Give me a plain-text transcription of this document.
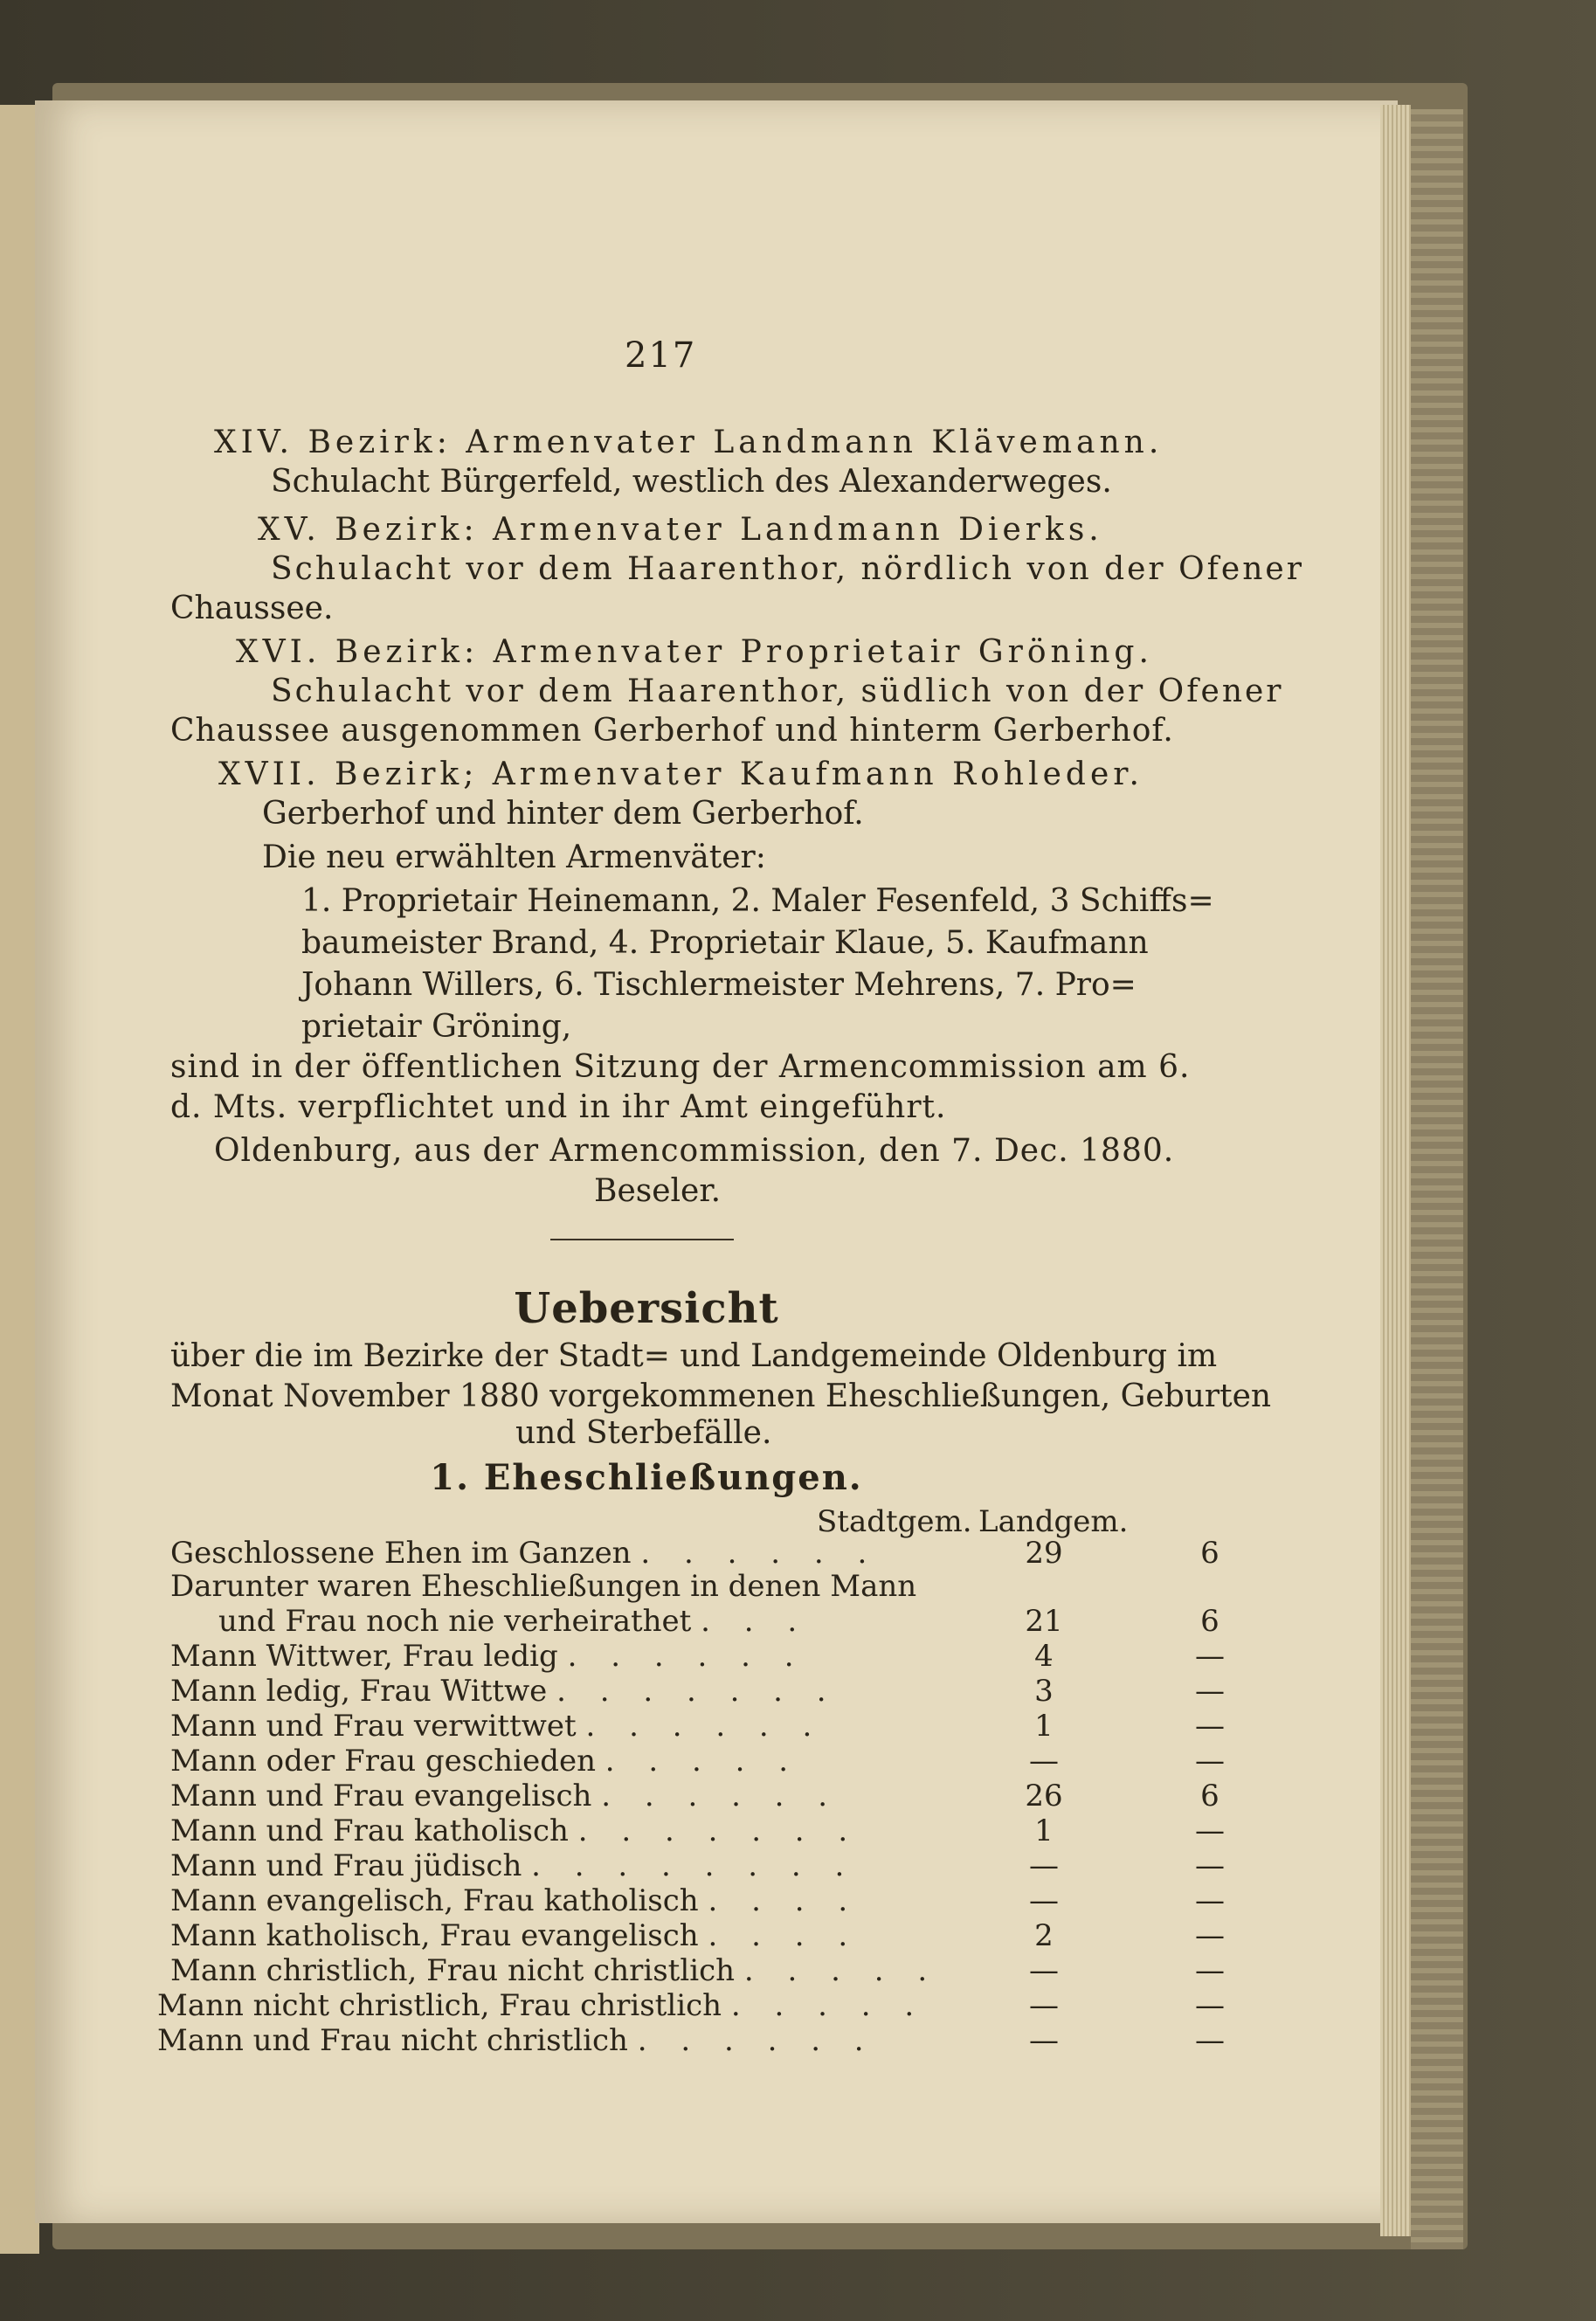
217
XIV. Bezirk: Armenvater Landmann Klävemann.
Schulacht Bürgerfeld, westlich des Alexanderweges.
XV. Bezirk: Armenvater Landmann Dierks.
Schulacht vor dem Haarenthor, nördlich von der Ofener
Chaussee.
XVI. Bezirk: Armenvater Proprietair Gröning.
Schulacht vor dem Haarenthor, südlich von der Ofener
Chaussee ausgenommen Gerberhof und hinterm Gerberhof.
XVII. Bezirk; Armenvater Kaufmann Rohleder.
Gerberhof und hinter dem Gerberhof.
Die neu erwählten Armenväter:
1. Proprietair Heinemann, 2. Maler Fesenfeld, 3 Schiffs=
baumeister Brand, 4. Proprietair Klaue, 5. Kaufmann
Johann Willers, 6. Tischlermeister Mehrens, 7. Pro=
prietair Gröning,
sind in der öffentlichen Sitzung der Armencommission am 6.
d. Mts. verpflichtet und in ihr Amt eingeführt.
Oldenburg, aus der Armencommission, den 7. Dec. 1880.
Beseler.
Uebersicht
über die im Bezirke der Stadt= und Landgemeinde Oldenburg im
Monat November 1880 vorgekommenen Eheschließungen, Geburten
und Sterbefälle.
1. Eheschließungen.
Stadtgem. Landgem.
Geschlossene Ehen im Ganzen . . . . . .	29	6
Darunter waren Eheschließungen in denen Mann
und Frau noch nie verheirathet . . .	21	6
Mann Wittwer, Frau ledig . . . . . .	4	—
Mann ledig, Frau Wittwe . . . . . . .	3	—
Mann und Frau verwittwet . . . . . .	1	—
Mann oder Frau geschieden . . . . .	—	—
Mann und Frau evangelisch . . . . . .	26	6
Mann und Frau katholisch . . . . . . .	1	—
Mann und Frau jüdisch . . . . . . . .	—	—
Mann evangelisch, Frau katholisch . . . .	—	—
Mann katholisch, Frau evangelisch . . . .	2	—
Mann christlich, Frau nicht christlich . . . . .	—	—
Mann nicht christlich, Frau christlich . . . . .	—	—
Mann und Frau nicht christlich . . . . . .	—	—
